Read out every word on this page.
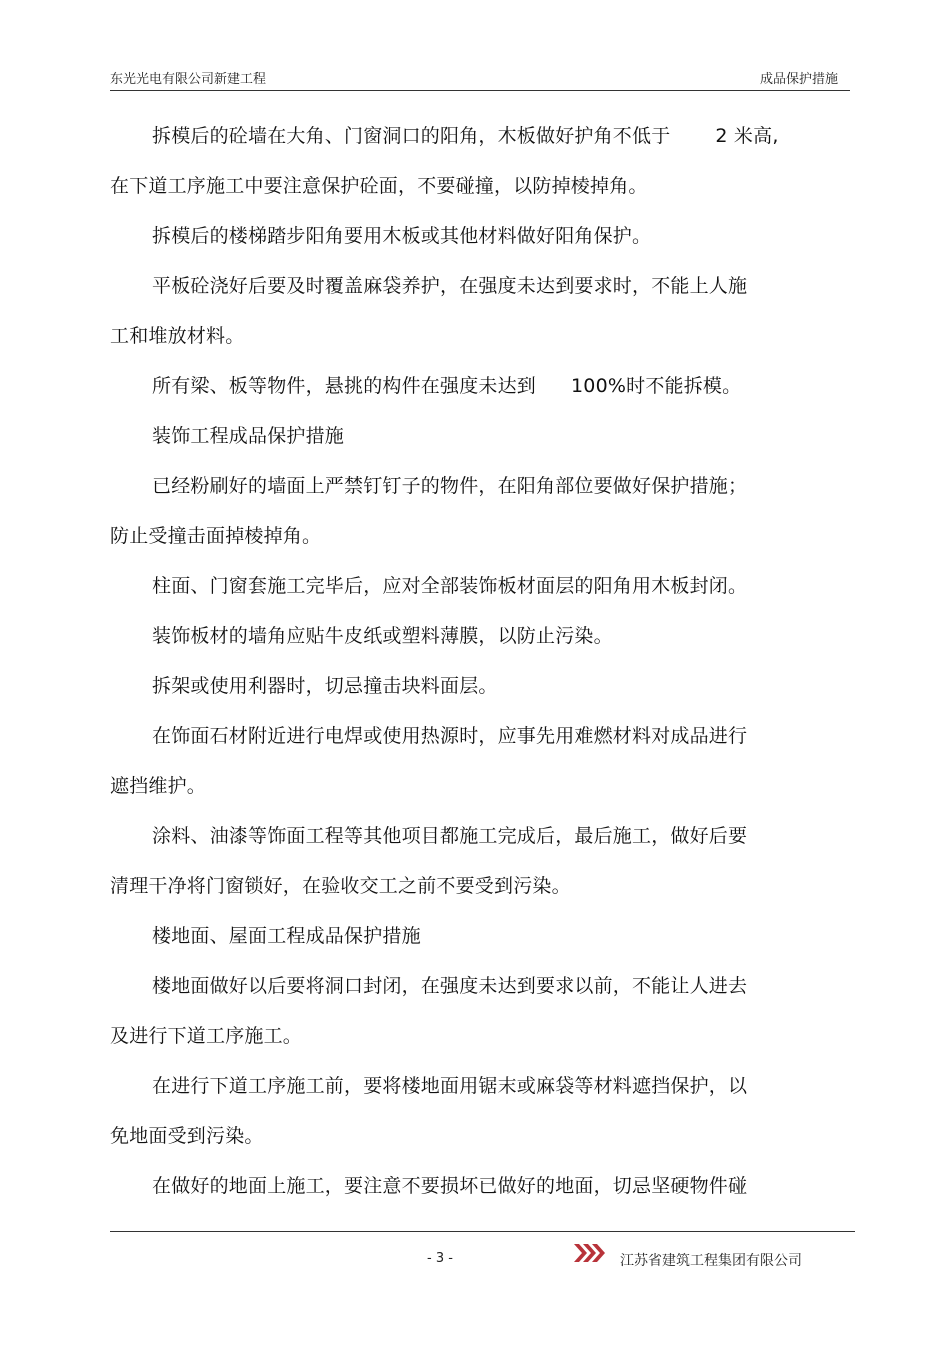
东光光电有限公司新建工程	成品保护措施
拆模后的砼墙在大角、门窗洞口的阳角，木板做好护角不低于 2 米高,
在下道工序施工中要注意保护砼面，不要碰撞，以防掉棱掉角。
拆模后的楼梯踏步阳角要用木板或其他材料做好阳角保护。
平板砼浇好后要及时覆盖麻袋养护，在强度未达到要求时，不能上人施
工和堆放材料。
所有梁、板等物件，悬挑的构件在强度未达到 100%时不能拆模。
装饰工程成品保护措施
已经粉刷好的墙面上严禁钉钉子的物件，在阳角部位要做好保护措施；
防止受撞击面掉棱掉角。
柱面、门窗套施工完毕后，应对全部装饰板材面层的阳角用木板封闭。
装饰板材的墙角应贴牛皮纸或塑料薄膜，以防止污染。
拆架或使用利器时，切忌撞击块料面层。
在饰面石材附近进行电焊或使用热源时，应事先用难燃材料对成品进行
遮挡维护。
涂料、油漆等饰面工程等其他项目都施工完成后，最后施工，做好后要
清理干净将门窗锁好，在验收交工之前不要受到污染。
楼地面、屋面工程成品保护措施
楼地面做好以后要将洞口封闭，在强度未达到要求以前，不能让人进去
及进行下道工序施工。
在进行下道工序施工前，要将楼地面用锯末或麻袋等材料遮挡保护，以
免地面受到污染。
在做好的地面上施工，要注意不要损坏已做好的地面，切忌坚硬物件碰
- 3 -	江苏省建筑工程集团有限公司
